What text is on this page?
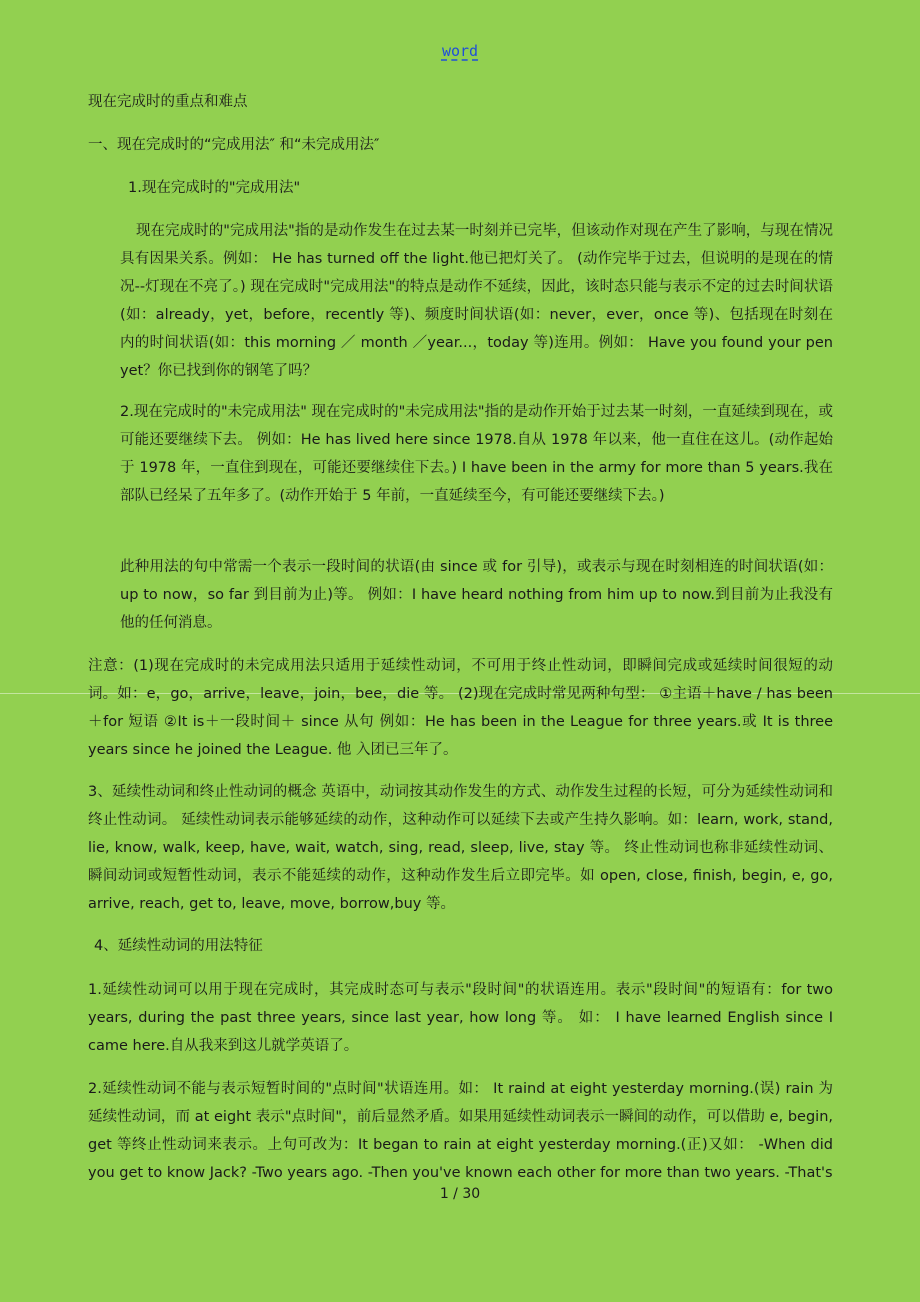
word

现在完成时的重点和难点

一、现在完成时的“完成用法″ 和“未完成用法″

1.现在完成时的"完成用法"

现在完成时的"完成用法"指的是动作发生在过去某一时刻并已完毕，但该动作对现在产生了影响，与现在情况具有因果关系。例如： He has turned off the light.他已把灯关了。 (动作完毕于过去，但说明的是现在的情况--灯现在不亮了。) 现在完成时"完成用法"的特点是动作不延续，因此，该时态只能与表示不定的过去时间状语(如：already，yet，before，recently 等)、频度时间状语(如：never，ever，once 等)、包括现在时刻在内的时间状语(如：this morning ／ month ／year...，today 等)连用。例如： Have you found your pen yet？你已找到你的钢笔了吗？

2.现在完成时的"未完成用法" 现在完成时的"未完成用法"指的是动作开始于过去某一时刻，一直延续到现在，或可能还要继续下去。 例如：He has lived here since 1978.自从 1978 年以来，他一直住在这儿。(动作起始于 1978 年，一直住到现在，可能还要继续住下去。) I have been in the army for more than 5 years.我在部队已经呆了五年多了。(动作开始于 5 年前，一直延续至今，有可能还要继续下去。)

此种用法的句中常需一个表示一段时间的状语(由 since 或 for 引导)，或表示与现在时刻相连的时间状语(如：up to now，so far 到目前为止)等。 例如：I have heard nothing from him up to now.到目前为止我没有他的任何消息。

注意：(1)现在完成时的未完成用法只适用于延续性动词，不可用于终止性动词，即瞬间完成或延续时间很短的动词。如：e，go，arrive，leave，join，bee，die 等。 (2)现在完成时常见两种句型： ①主语＋have / has been＋for 短语 ②It is＋一段时间＋ since 从句 例如：He has been in the League for three years.或 It is three years since he joined the League. 他 入团已三年了。

3、延续性动词和终止性动词的概念 英语中，动词按其动作发生的方式、动作发生过程的长短，可分为延续性动词和终止性动词。 延续性动词表示能够延续的动作，这种动作可以延续下去或产生持久影响。如：learn, work, stand, lie, know, walk, keep, have, wait, watch, sing, read, sleep, live, stay 等。 终止性动词也称非延续性动词、瞬间动词或短暂性动词，表示不能延续的动作，这种动作发生后立即完毕。如 open, close, finish, begin, e, go, arrive, reach, get to, leave, move, borrow,buy 等。

4、延续性动词的用法特征

1.延续性动词可以用于现在完成时，其完成时态可与表示"段时间"的状语连用。表示"段时间"的短语有：for two years, during the past three years, since last year, how long 等。 如： I have learned English since I came here.自从我来到这儿就学英语了。

2.延续性动词不能与表示短暂时间的"点时间"状语连用。如： It raind at eight yesterday morning.(误) rain 为延续性动词，而 at eight 表示"点时间"，前后显然矛盾。如果用延续性动词表示一瞬间的动作，可以借助 e, begin, get 等终止性动词来表示。上句可改为：It began to rain at eight yesterday morning.(正)又如： -When did you get to know Jack? -Two years ago. -Then you've known each other for more than two years. -That's

1 / 30
